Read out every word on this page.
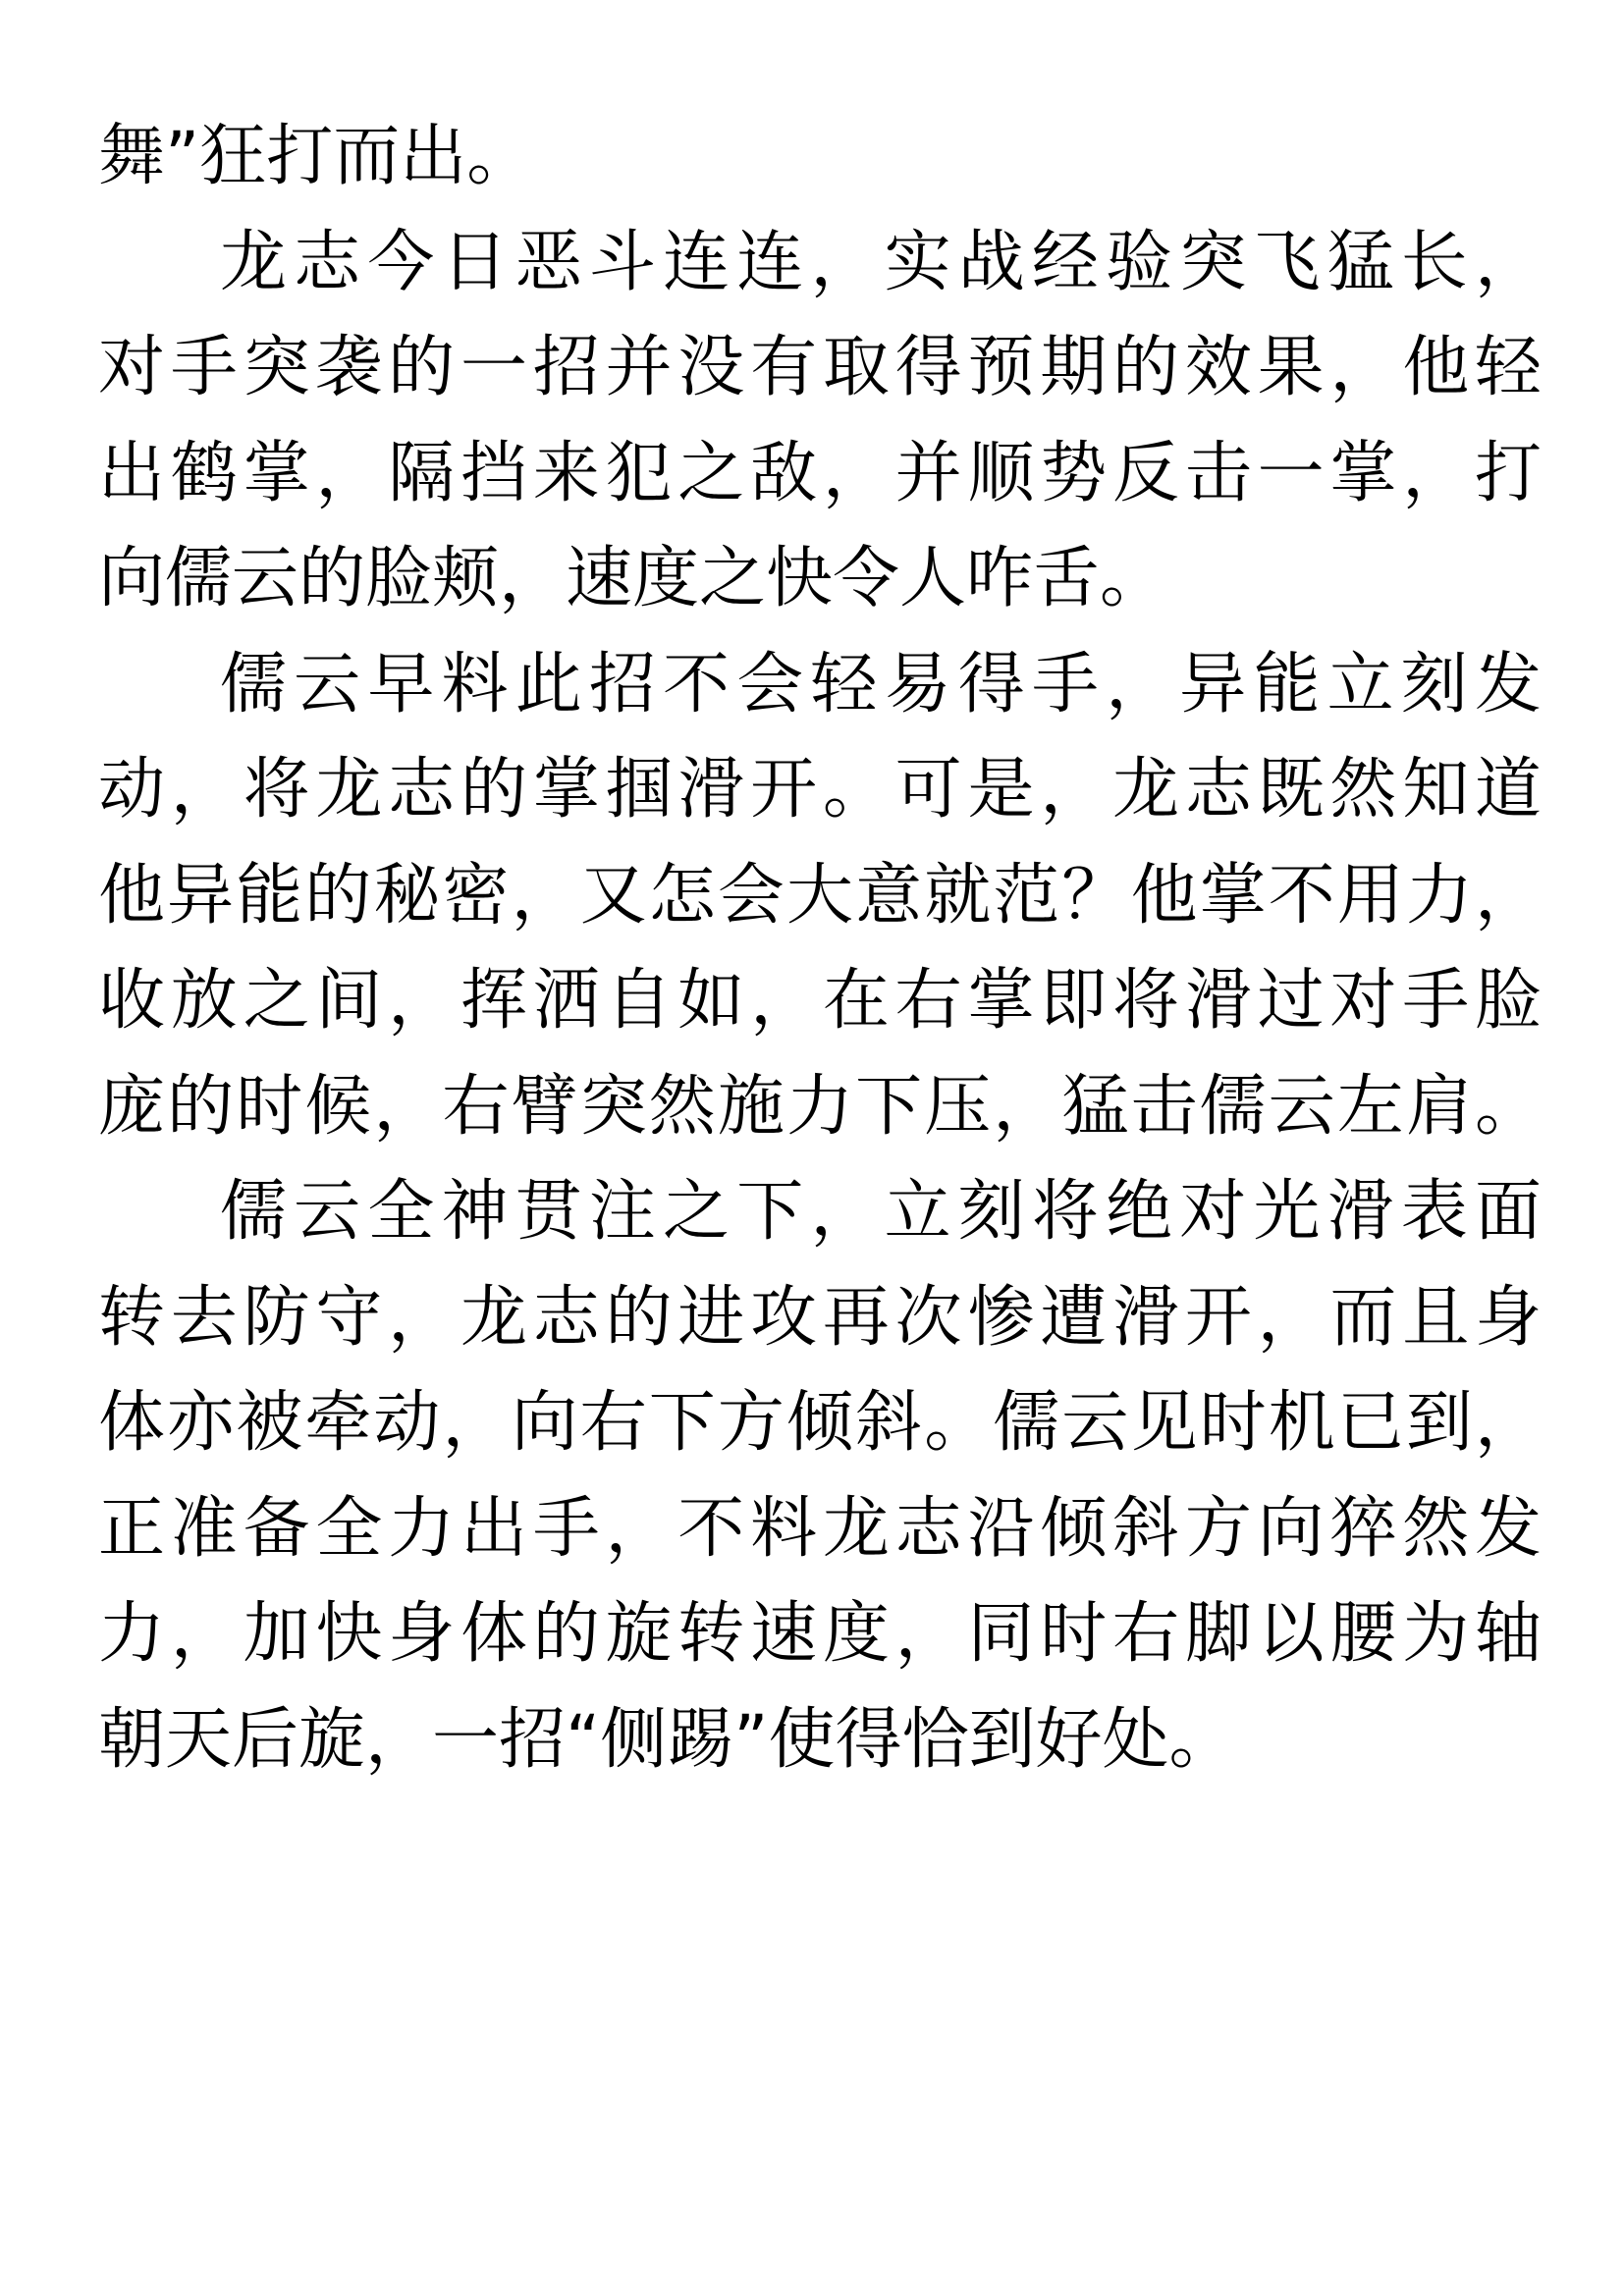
舞”狂打而出。
龙志今日恶斗连连，实战经验突飞猛长，
对手突袭的一招并没有取得预期的效果，他轻
出鹤掌，隔挡来犯之敌，并顺势反击一掌，打
向儒云的脸颊，速度之快令人咋舌。
儒云早料此招不会轻易得手，异能立刻发
动，将龙志的掌掴滑开。可是，龙志既然知道
他异能的秘密，又怎会大意就范？他掌不用力，
收放之间，挥洒自如，在右掌即将滑过对手脸
庞的时候，右臂突然施力下压，猛击儒云左肩。
儒云全神贯注之下，立刻将绝对光滑表面
转去防守，龙志的进攻再次惨遭滑开，而且身
体亦被牵动，向右下方倾斜。儒云见时机已到，
正准备全力出手，不料龙志沿倾斜方向猝然发
力，加快身体的旋转速度，同时右脚以腰为轴
朝天后旋，一招“侧踢”使得恰到好处。
